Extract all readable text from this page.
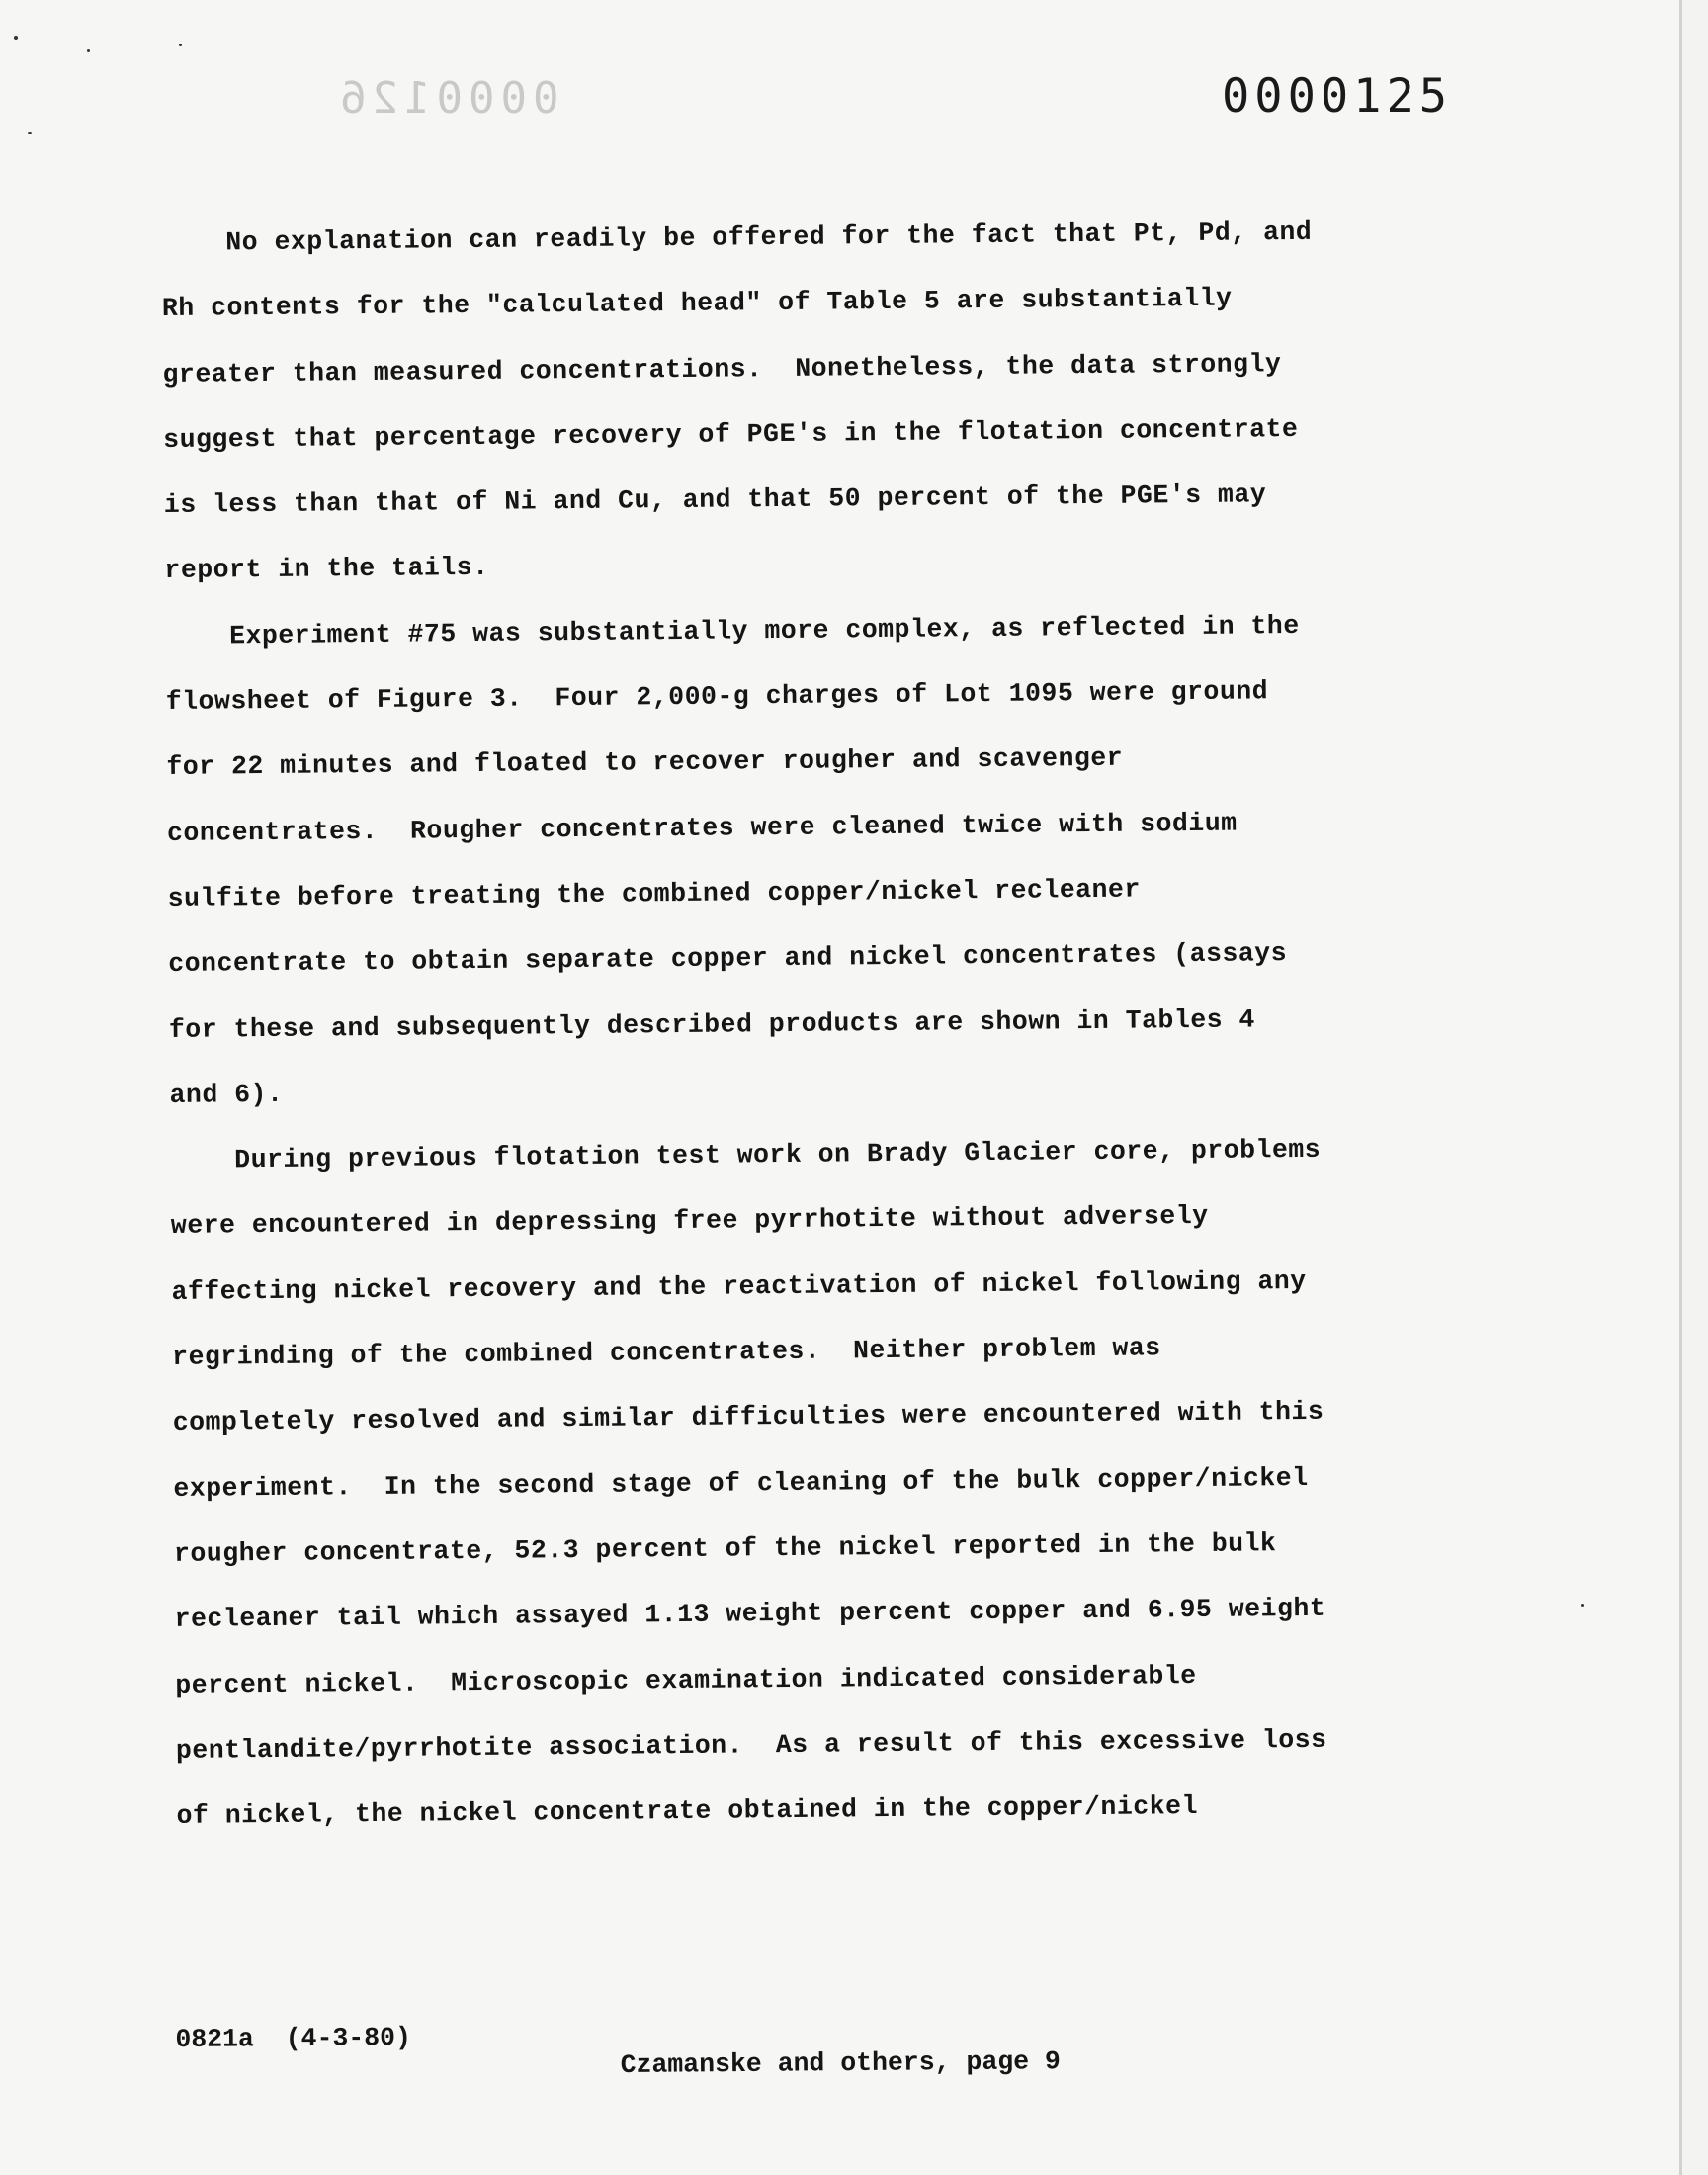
0000126	0000125
No explanation can readily be offered for the fact that Pt, Pd, and
Rh contents for the "calculated head" of Table 5 are substantially
greater than measured concentrations.  Nonetheless, the data strongly
suggest that percentage recovery of PGE's in the flotation concentrate
is less than that of Ni and Cu, and that 50 percent of the PGE's may
report in the tails.
Experiment #75 was substantially more complex, as reflected in the
flowsheet of Figure 3.  Four 2,000-g charges of Lot 1095 were ground
for 22 minutes and floated to recover rougher and scavenger
concentrates.  Rougher concentrates were cleaned twice with sodium
sulfite before treating the combined copper/nickel recleaner
concentrate to obtain separate copper and nickel concentrates (assays
for these and subsequently described products are shown in Tables 4
and 6).
During previous flotation test work on Brady Glacier core, problems
were encountered in depressing free pyrrhotite without adversely
affecting nickel recovery and the reactivation of nickel following any
regrinding of the combined concentrates.  Neither problem was
completely resolved and similar difficulties were encountered with this
experiment.  In the second stage of cleaning of the bulk copper/nickel
rougher concentrate, 52.3 percent of the nickel reported in the bulk
recleaner tail which assayed 1.13 weight percent copper and 6.95 weight
percent nickel.  Microscopic examination indicated considerable
pentlandite/pyrrhotite association.  As a result of this excessive loss
of nickel, the nickel concentrate obtained in the copper/nickel

0821a  (4-3-80)

Czamanske and others, page 9
